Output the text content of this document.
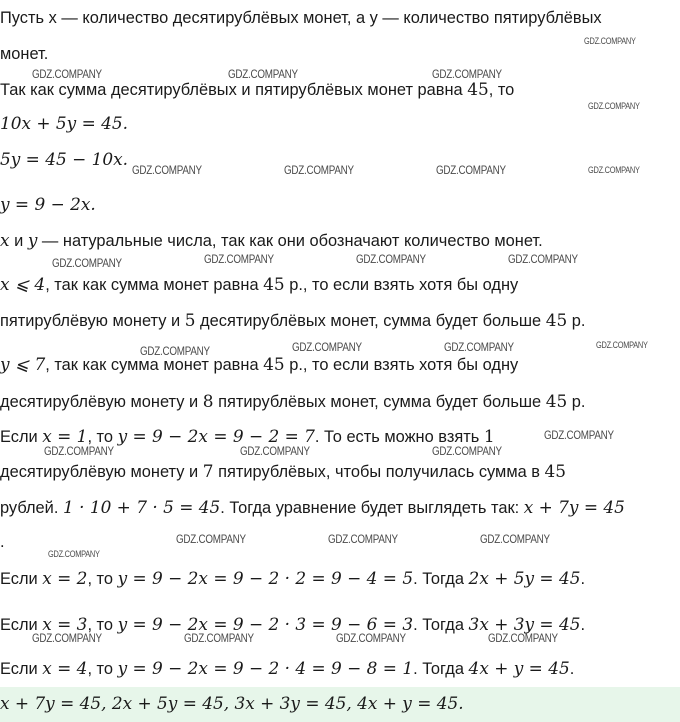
Пусть x — количество десятирублёвых монет, а y — количество пятирублёвых
монет.
Так как сумма десятирублёвых и пятирублёвых монет равна 45, то
10x + 5y = 45.
5y = 45 − 10x.
y = 9 − 2x.
x и y — натуральные числа, так как они обозначают количество монет.
x ⩽ 4, так как сумма монет равна 45 р., то если взять хотя бы одну
пятирублёвую монету и 5 десятирублёвых монет, сумма будет больше 45 р.
y ⩽ 7, так как сумма монет равна 45 р., то если взять хотя бы одну
десятирублёвую монету и 8 пятирублёвых монет, сумма будет больше 45 р.
Если x = 1, то y = 9 − 2x = 9 − 2 = 7. То есть можно взять 1
десятирублёвую монету и 7 пятирублёвых, чтобы получилась сумма в 45
рублей. 1 · 10 + 7 · 5 = 45. Тогда уравнение будет выглядеть так: x + 7y = 45
.
Если x = 2, то y = 9 − 2x = 9 − 2 · 2 = 9 − 4 = 5. Тогда 2x + 5y = 45.
Если x = 3, то y = 9 − 2x = 9 − 2 · 3 = 9 − 6 = 3. Тогда 3x + 3y = 45.
Если x = 4, то y = 9 − 2x = 9 − 2 · 4 = 9 − 8 = 1. Тогда 4x + y = 45.
x + 7y = 45, 2x + 5y = 45, 3x + 3y = 45, 4x + y = 45.
GDZ.COMPANY
GDZ.COMPANY	GDZ.COMPANY	GDZ.COMPANY
GDZ.COMPANY
GDZ.COMPANY	GDZ.COMPANY	GDZ.COMPANY	GDZ.COMPANY
GDZ.COMPANY	GDZ.COMPANY	GDZ.COMPANY	GDZ.COMPANY
GDZ.COMPANY	GDZ.COMPANY	GDZ.COMPANY	GDZ.COMPANY
GDZ.COMPANY
GDZ.COMPANY	GDZ.COMPANY	GDZ.COMPANY
GDZ.COMPANY	GDZ.COMPANY	GDZ.COMPANY
GDZ.COMPANY
GDZ.COMPANY	GDZ.COMPANY	GDZ.COMPANY	GDZ.COMPANY
